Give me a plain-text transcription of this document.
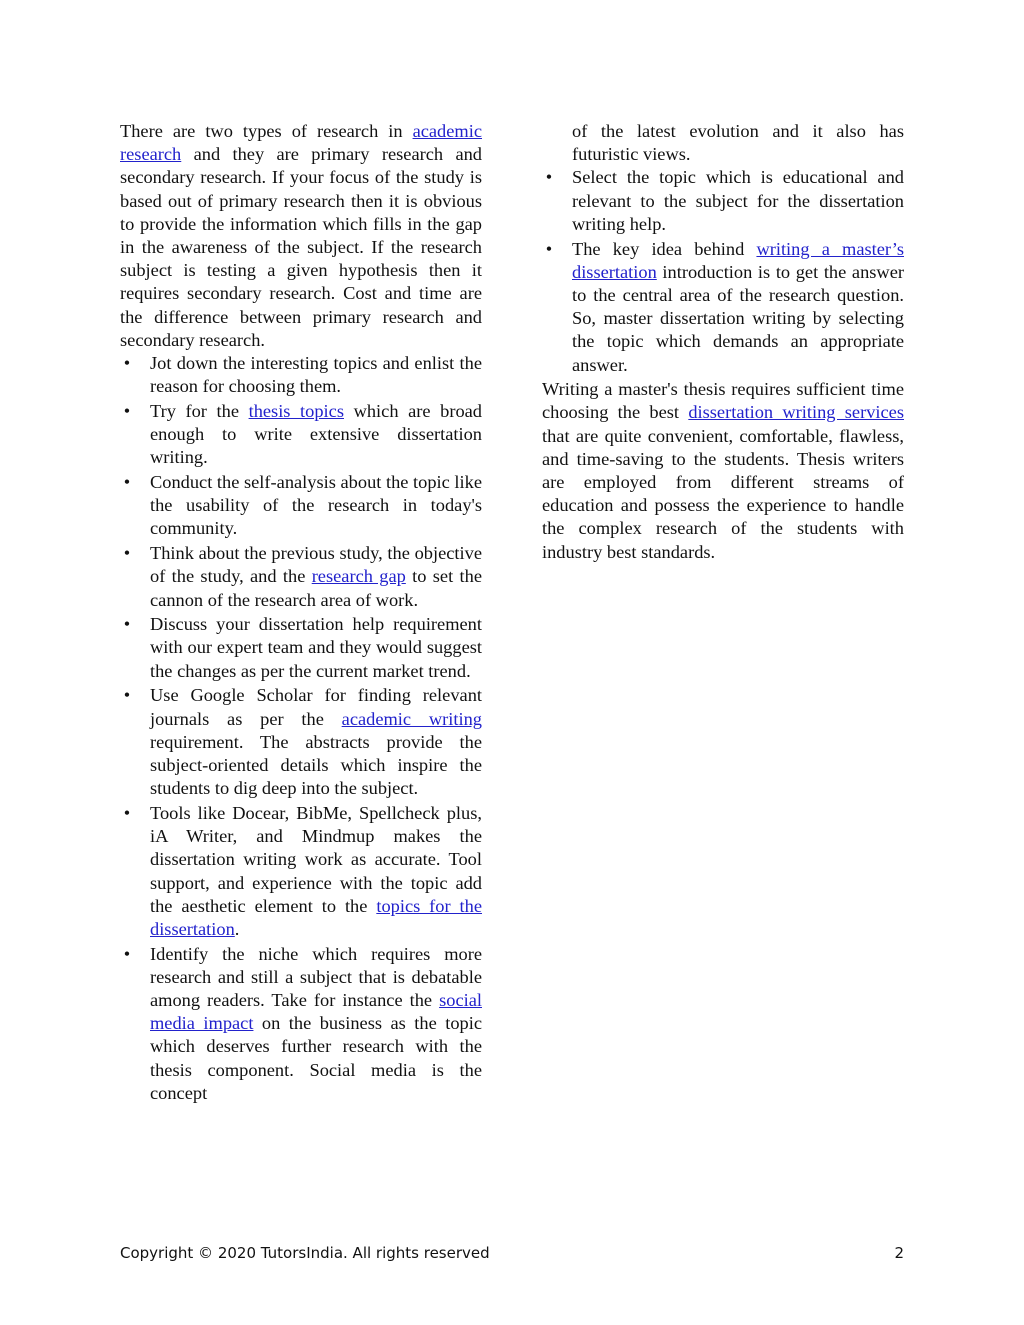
There are two types of research in academic research and they are primary research and secondary research. If your focus of the study is based out of primary research then it is obvious to provide the information which fills in the gap in the awareness of the subject. If the research subject is testing a given hypothesis then it requires secondary research. Cost and time are the difference between primary research and secondary research.

• Jot down the interesting topics and enlist the reason for choosing them.
• Try for the thesis topics which are broad enough to write extensive dissertation writing.
• Conduct the self-analysis about the topic like the usability of the research in today's community.
• Think about the previous study, the objective of the study, and the research gap to set the cannon of the research area of work.
• Discuss your dissertation help requirement with our expert team and they would suggest the changes as per the current market trend.
• Use Google Scholar for finding relevant journals as per the academic writing requirement. The abstracts provide the subject-oriented details which inspire the students to dig deep into the subject.
• Tools like Docear, BibMe, Spellcheck plus, iA Writer, and Mindmup makes the dissertation writing work as accurate. Tool support, and experience with the topic add the aesthetic element to the topics for the dissertation.
• Identify the niche which requires more research and still a subject that is debatable among readers. Take for instance the social media impact on the business as the topic which deserves further research with the thesis component. Social media is the concept

of the latest evolution and it also has futuristic views.

• Select the topic which is educational and relevant to the subject for the dissertation writing help.
• The key idea behind writing a master’s dissertation introduction is to get the answer to the central area of the research question. So, master dissertation writing by selecting the topic which demands an appropriate answer.

Writing a master's thesis requires sufficient time choosing the best dissertation writing services that are quite convenient, comfortable, flawless, and time-saving to the students. Thesis writers are employed from different streams of education and possess the experience to handle the complex research of the students with industry best standards.

Copyright © 2020 TutorsIndia. All rights reserved	2
